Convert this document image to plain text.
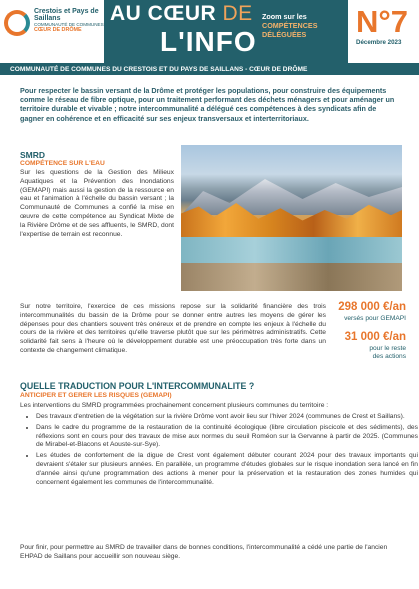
Crestois et Pays de Saillans
COMMUNAUTÉ DE COMMUNES
CŒUR DE DRÔME
AU CŒUR DE
L'INFO
Zoom sur les
COMPÉTENCES
DÉLÉGUÉES	N°7
Décembre 2023
COMMUNAUTÉ DE COMMUNES DU CRESTOIS ET DU PAYS DE SAILLANS - CŒUR DE DRÔME
Pour respecter le bassin versant de la Drôme et protéger les populations, pour construire des équipements comme le réseau de fibre optique, pour un traitement performant des déchets ménagers et pour aménager un territoire durable et vivable ; notre intercommunalité a délégué ces compétences à des syndicats afin de gagner en cohérence et en efficacité sur ses enjeux transversaux et interterritoriaux.
SMRD
COMPÉTENCE SUR L'EAU
Sur les questions de la Gestion des Milieux Aquatiques et la Prévention des Inondations (GEMAPI) mais aussi la gestion de la ressource en eau et l'animation à l'échelle du bassin versant ; la Communauté de Communes a confié la mise en œuvre de cette compétence au Syndicat Mixte de la Rivière Drôme et de ses affluents, le SMRD, dont l'expertise de terrain est reconnue.
Sur notre territoire, l'exercice de ces missions repose sur la solidarité financière des trois intercommunalités du bassin de la Drôme pour se donner entre autres les moyens de gérer les dépenses pour des chantiers souvent très onéreux et de prendre en compte les enjeux à l'échelle du cours de la rivière et des territoires qu'elle traverse plutôt que sur les périmètres administratifs. Cette solidarité fait sens à l'heure où le développement durable est une préoccupation très forte dans un contexte de changement climatique.
298 000 €/an
versés pour GEMAPI
31 000 €/an
pour le reste
des actions
QUELLE TRADUCTION POUR L'INTERCOMMUNALITE ?
ANTICIPER ET GERER LES RISQUES (GEMAPI)
Les interventions du SMRD programmées prochainement concernent plusieurs communes du territoire :
• Des travaux d'entretien de la végétation sur la rivière Drôme vont avoir lieu sur l'hiver 2024 (communes de Crest et Saillans).
• Dans le cadre du programme de la restauration de la continuité écologique (libre circulation piscicole et des sédiments), des réflexions sont en cours pour des travaux de mise aux normes du seuil Roméon sur la Gervanne à partir de 2025. (Communes de Mirabel-et-Blacons et Aouste-sur-Sye).
• Les études de confortement de la digue de Crest vont également débuter courant 2024 pour des travaux importants qui devraient s'étaler sur plusieurs années. En parallèle, un programme d'études globales sur le risque inondation sera lancé en fin d'année ainsi qu'une programmation des actions à mener pour la préservation et la restauration des zones humides qui concernent également les communes de l'intercommunalité.
Pour finir, pour permettre au SMRD de travailler dans de bonnes conditions, l'intercommunalité a cédé une partie de l'ancien EHPAD de Saillans pour accueillir son nouveau siège.
